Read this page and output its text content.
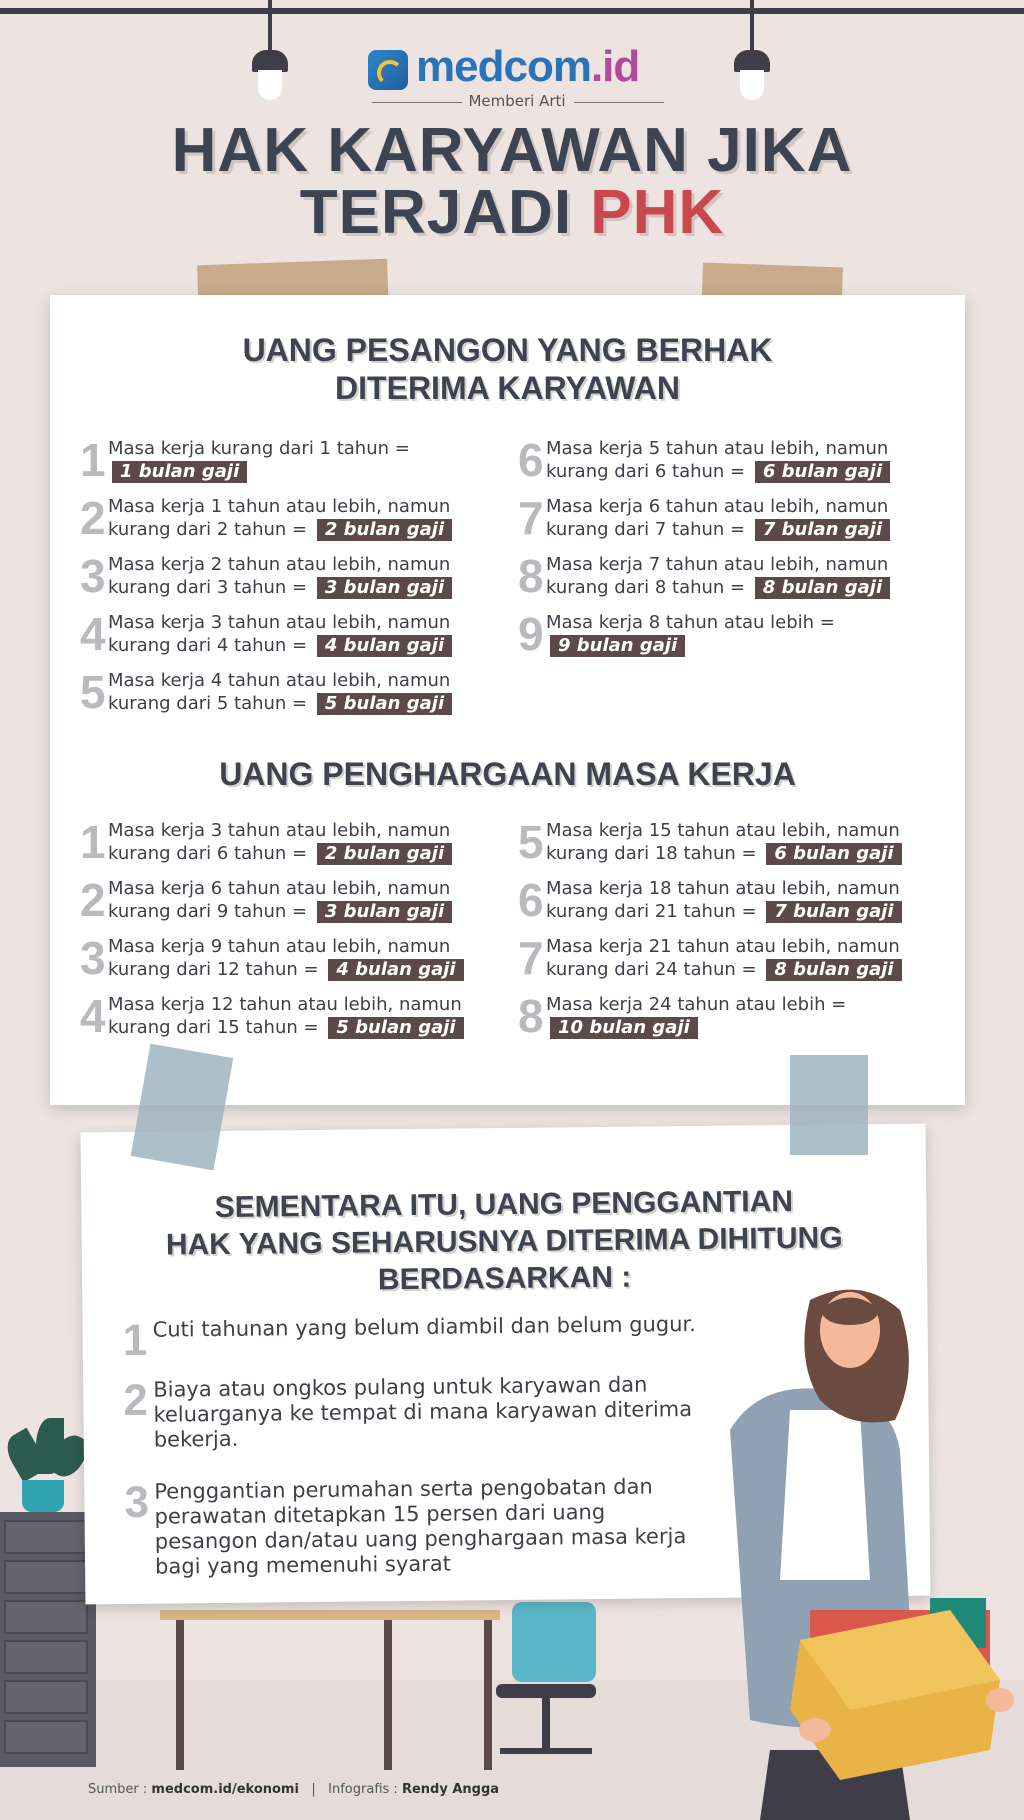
medcom.id
Memberi Arti
HAK KARYAWAN JIKA
TERJADI PHK
UANG PESANGON YANG BERHAK
DITERIMA KARYAWAN
1 Masa kerja kurang dari 1 tahun = 1 bulan gaji
2 Masa kerja 1 tahun atau lebih, namun kurang dari 2 tahun = 2 bulan gaji
3 Masa kerja 2 tahun atau lebih, namun kurang dari 3 tahun = 3 bulan gaji
4 Masa kerja 3 tahun atau lebih, namun kurang dari 4 tahun = 4 bulan gaji
5 Masa kerja 4 tahun atau lebih, namun kurang dari 5 tahun = 5 bulan gaji
6 Masa kerja 5 tahun atau lebih, namun kurang dari 6 tahun = 6 bulan gaji
7 Masa kerja 6 tahun atau lebih, namun kurang dari 7 tahun = 7 bulan gaji
8 Masa kerja 7 tahun atau lebih, namun kurang dari 8 tahun = 8 bulan gaji
9 Masa kerja 8 tahun atau lebih = 9 bulan gaji
UANG PENGHARGAAN MASA KERJA
1 Masa kerja 3 tahun atau lebih, namun kurang dari 6 tahun = 2 bulan gaji
2 Masa kerja 6 tahun atau lebih, namun kurang dari 9 tahun = 3 bulan gaji
3 Masa kerja 9 tahun atau lebih, namun kurang dari 12 tahun = 4 bulan gaji
4 Masa kerja 12 tahun atau lebih, namun kurang dari 15 tahun = 5 bulan gaji
5 Masa kerja 15 tahun atau lebih, namun kurang dari 18 tahun = 6 bulan gaji
6 Masa kerja 18 tahun atau lebih, namun kurang dari 21 tahun = 7 bulan gaji
7 Masa kerja 21 tahun atau lebih, namun kurang dari 24 tahun = 8 bulan gaji
8 Masa kerja 24 tahun atau lebih = 10 bulan gaji
SEMENTARA ITU, UANG PENGGANTIAN
HAK YANG SEHARUSNYA DITERIMA DIHITUNG
BERDASARKAN :
1 Cuti tahunan yang belum diambil dan belum gugur.
2 Biaya atau ongkos pulang untuk karyawan dan keluarganya ke tempat di mana karyawan diterima bekerja.
3 Penggantian perumahan serta pengobatan dan perawatan ditetapkan 15 persen dari uang pesangon dan/atau uang penghargaan masa kerja bagi yang memenuhi syarat
Sumber : medcom.id/ekonomi | Infografis : Rendy Angga
